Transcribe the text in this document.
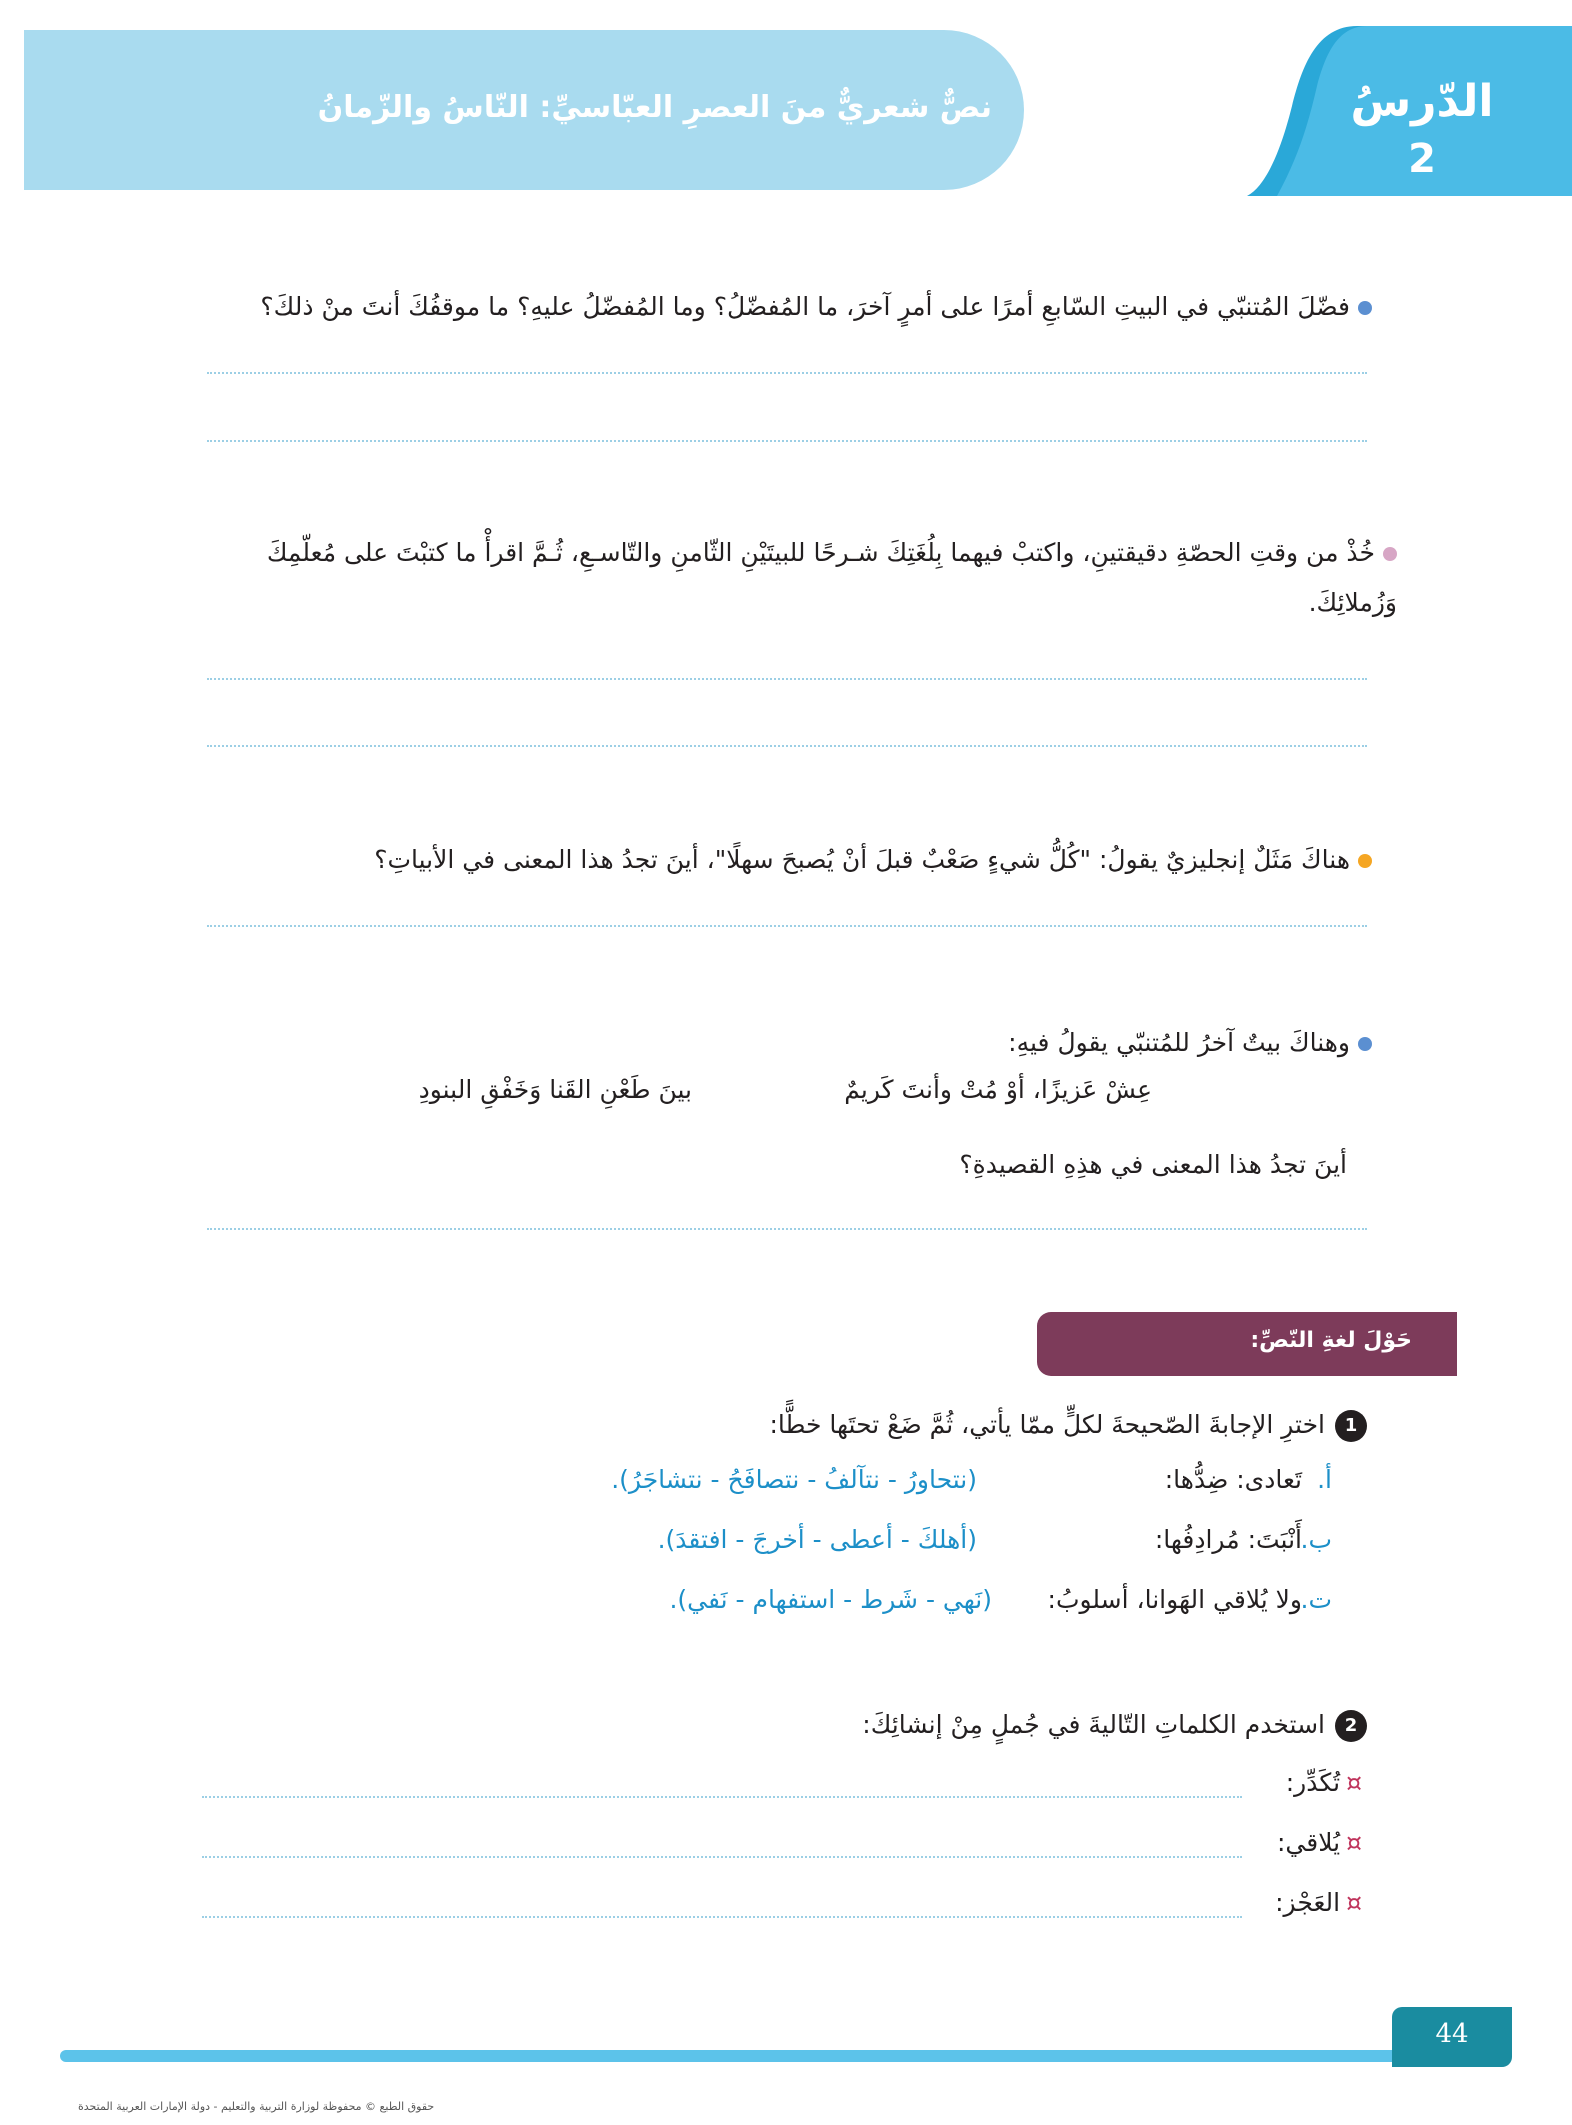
نصٌّ شعريٌّ منَ العصرِ العبّاسيِّ: النّاسُ والزّمانُ	الدّرسُ
2
فضّلَ المُتنبّي في البيتِ السّابعِ أمرًا على أمرٍ آخرَ، ما المُفضّلُ؟ وما المُفضّلُ عليهِ؟ ما موقفُكَ أنتَ منْ ذلكَ؟
خُذْ من وقتِ الحصّةِ دقيقتينِ، واكتبْ فيهما بِلُغَتِكَ شـرحًا للبيتَيْنِ الثّامنِ والتّاسـعِ، ثُـمَّ اقرأْ ما كتبْتَ على مُعلّمِكَ وَزُملائِكَ.
هناكَ مَثَلٌ إنجليزيٌ يقولُ: "كُلُّ شيءٍ صَعْبٌ قبلَ أنْ يُصبحَ سهلًا"، أينَ تجدُ هذا المعنى في الأبياتِ؟
وهناكَ بيتٌ آخرُ للمُتنبّي يقولُ فيهِ:
عِشْ عَزيزًا، أوْ مُتْ وأنتَ كَريمٌ
بينَ طَعْنِ القَنا وَخَفْقِ البنودِ
أينَ تجدُ هذا المعنى في هذِهِ القصيدةِ؟
حَوْلَ لغةِ النّصِّ:
1اخترِ الإجابةَ الصّحيحةَ لكلٍّ ممّا يأتي، ثُمَّ ضَعْ تحتَها خطًّا:
أ.
تَعادى: ضِدُّها:
(نتحاورُ - نتآلفُ - نتصافَحُ - نتشاجَرُ).
ب.
أَنْبَتَ: مُرادِفُها:
(أهلكَ - أعطى - أخرجَ - افتقدَ).
ت.
ولا يُلاقي الهَوانا، أسلوبُ:
(نَهي - شَرط - استفهام - نَفي).
2استخدم الكلماتِ التّاليةَ في جُملٍ مِنْ إنشائِكَ:
¤تُكَدِّر:
¤يُلاقي:
¤العَجْز:
44
حقوق الطبع © محفوظة لوزارة التربية والتعليم - دولة الإمارات العربية المتحدة
